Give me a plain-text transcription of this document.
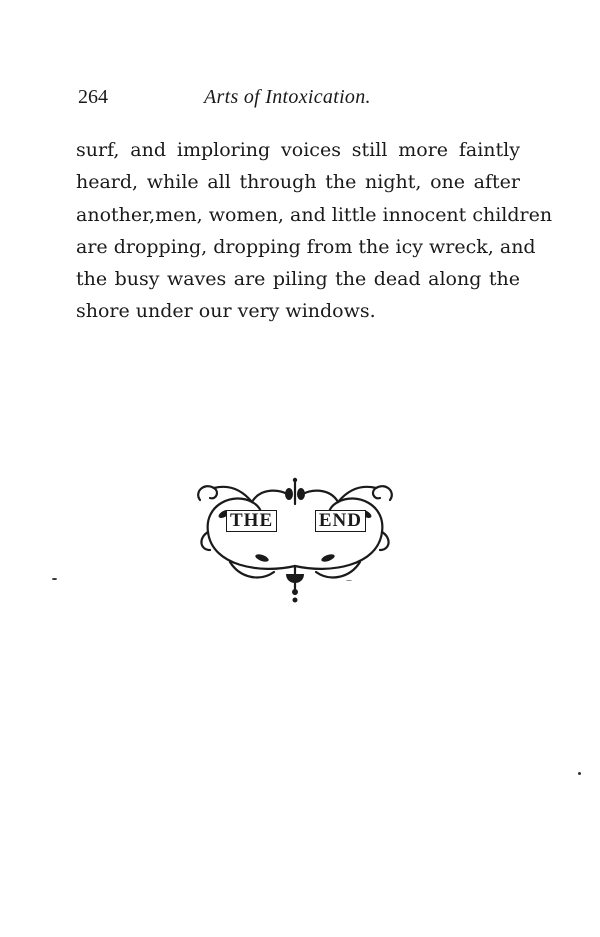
264	Arts of Intoxication.
surf, and imploring voices still more faintly
heard, while all through the night, one after
another,men, women, and little innocent children
are dropping, dropping from the icy wreck, and
the busy waves are piling the dead along the
shore under our very windows.
THE END
